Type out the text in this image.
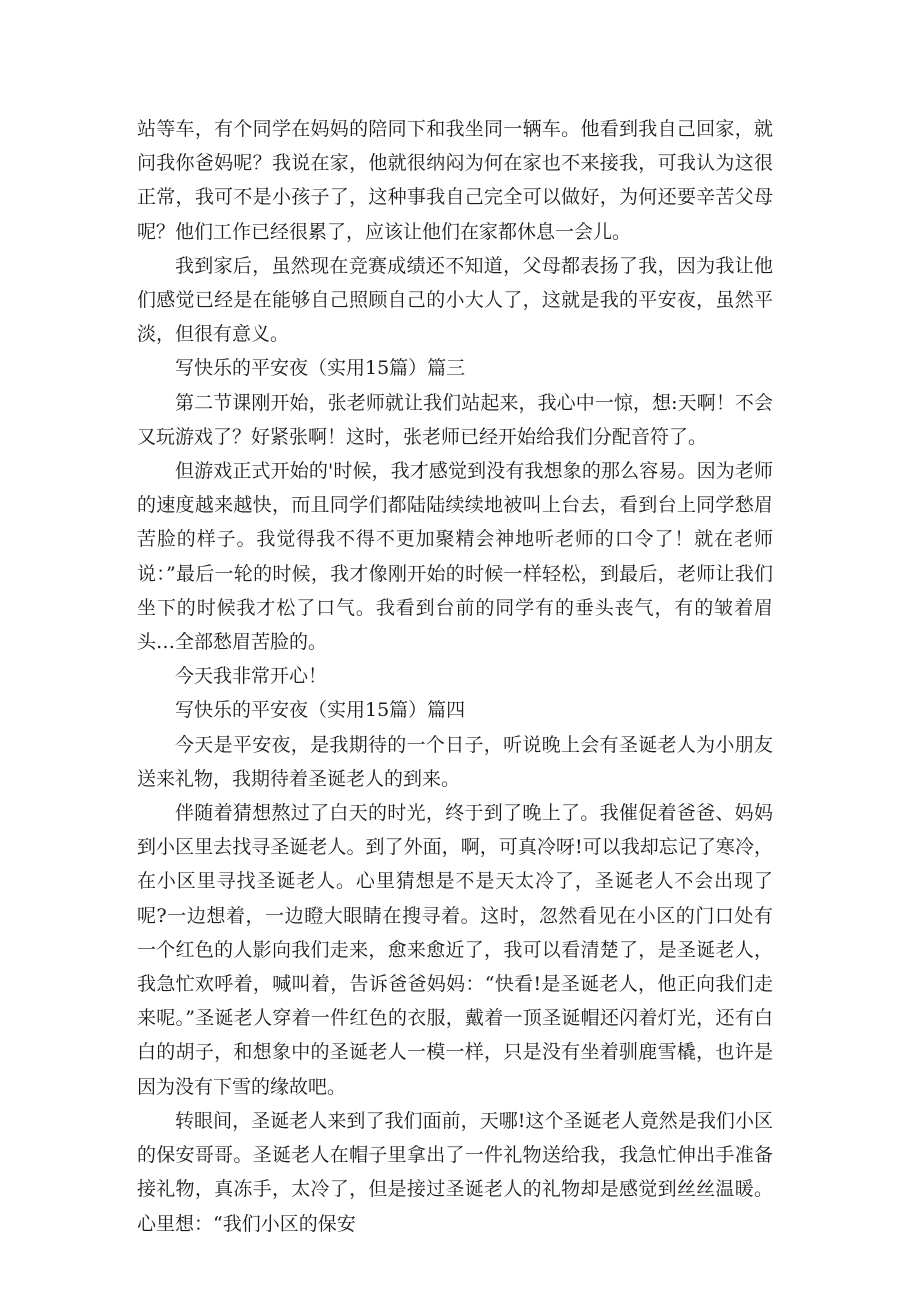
站等车，有个同学在妈妈的陪同下和我坐同一辆车。他看到我自己回家，就问我你爸妈呢？我说在家，他就很纳闷为何在家也不来接我，可我认为这很正常，我可不是小孩子了，这种事我自己完全可以做好，为何还要辛苦父母呢？他们工作已经很累了，应该让他们在家都休息一会儿。

我到家后，虽然现在竞赛成绩还不知道，父母都表扬了我，因为我让他们感觉已经是在能够自己照顾自己的小大人了，这就是我的平安夜，虽然平淡，但很有意义。

写快乐的平安夜（实用15篇）篇三

第二节课刚开始，张老师就让我们站起来，我心中一惊，想:天啊！不会又玩游戏了？好紧张啊！这时，张老师已经开始给我们分配音符了。

但游戏正式开始的'时候，我才感觉到没有我想象的那么容易。因为老师的速度越来越快，而且同学们都陆陆续续地被叫上台去，看到台上同学愁眉苦脸的样子。我觉得我不得不更加聚精会神地听老师的口令了！就在老师说：”最后一轮的时候，我才像刚开始的时候一样轻松，到最后，老师让我们坐下的时候我才松了口气。我看到台前的同学有的垂头丧气，有的皱着眉头…全部愁眉苦脸的。

今天我非常开心！

写快乐的平安夜（实用15篇）篇四

今天是平安夜，是我期待的一个日子，听说晚上会有圣诞老人为小朋友送来礼物，我期待着圣诞老人的到来。

伴随着猜想熬过了白天的时光，终于到了晚上了。我催促着爸爸、妈妈到小区里去找寻圣诞老人。到了外面，啊，可真冷呀!可以我却忘记了寒冷，在小区里寻找圣诞老人。心里猜想是不是天太冷了，圣诞老人不会出现了呢?一边想着，一边瞪大眼睛在搜寻着。这时，忽然看见在小区的门口处有一个红色的人影向我们走来，愈来愈近了，我可以看清楚了，是圣诞老人，我急忙欢呼着，喊叫着，告诉爸爸妈妈：“快看!是圣诞老人，他正向我们走来呢。”圣诞老人穿着一件红色的衣服，戴着一顶圣诞帽还闪着灯光，还有白白的胡子，和想象中的圣诞老人一模一样，只是没有坐着驯鹿雪橇，也许是因为没有下雪的缘故吧。

转眼间，圣诞老人来到了我们面前，天哪!这个圣诞老人竟然是我们小区的保安哥哥。圣诞老人在帽子里拿出了一件礼物送给我，我急忙伸出手准备接礼物，真冻手，太冷了，但是接过圣诞老人的礼物却是感觉到丝丝温暖。心里想：“我们小区的保安
